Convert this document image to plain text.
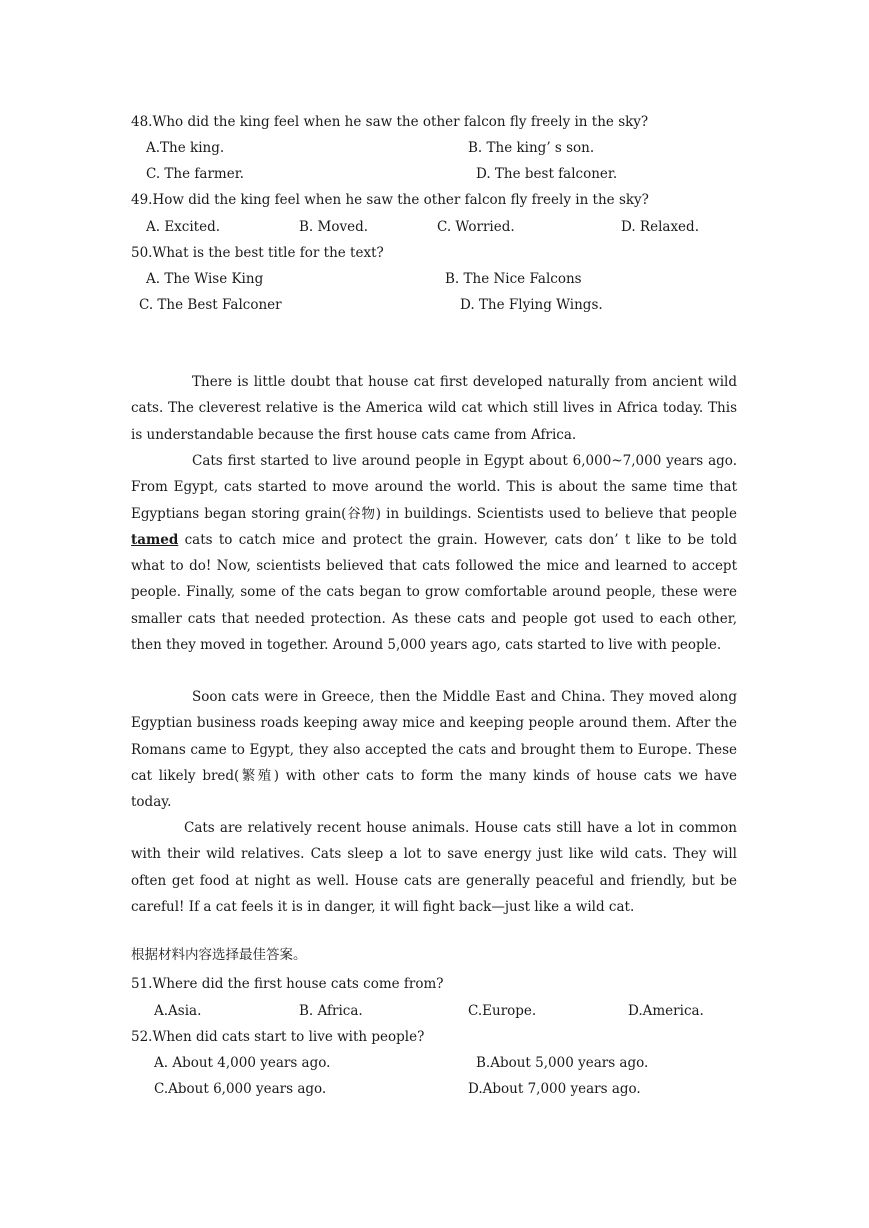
48.Who did the king feel when he saw the other falcon fly freely in the sky?
A.The king.	B. The king’ s son.
C. The farmer.	D. The best falconer.
49.How did the king feel when he saw the other falcon fly freely in the sky?
A. Excited.	B. Moved.	C. Worried.	D. Relaxed.
50.What is the best title for the text?
A. The Wise King	B. The Nice Falcons
C. The Best Falconer	D. The Flying Wings.
There is little doubt that house cat first developed naturally from ancient wild cats. The cleverest relative is the America wild cat which still lives in Africa today. This is understandable because the first house cats came from Africa.
Cats first started to live around people in Egypt about 6,000~7,000 years ago. From Egypt, cats started to move around the world. This is about the same time that Egyptians began storing grain(谷物) in buildings. Scientists used to believe that people tamed cats to catch mice and protect the grain. However, cats don’ t like to be told what to do! Now, scientists believed that cats followed the mice and learned to accept people. Finally, some of the cats began to grow comfortable around people, these were smaller cats that needed protection. As these cats and people got used to each other, then they moved in together. Around 5,000 years ago, cats started to live with people.
Soon cats were in Greece, then the Middle East and China. They moved along Egyptian business roads keeping away mice and keeping people around them. After the Romans came to Egypt, they also accepted the cats and brought them to Europe. These cat likely bred(繁殖) with other cats to form the many kinds of house cats we have today.
Cats are relatively recent house animals. House cats still have a lot in common with their wild relatives. Cats sleep a lot to save energy just like wild cats. They will often get food at night as well. House cats are generally peaceful and friendly, but be careful! If a cat feels it is in danger, it will fight back—just like a wild cat.
根据材料内容选择最佳答案。
51.Where did the first house cats come from?
A.Asia.	B. Africa.	C.Europe.	D.America.
52.When did cats start to live with people?
A. About 4,000 years ago.	B.About 5,000 years ago.
C.About 6,000 years ago.	D.About 7,000 years ago.
